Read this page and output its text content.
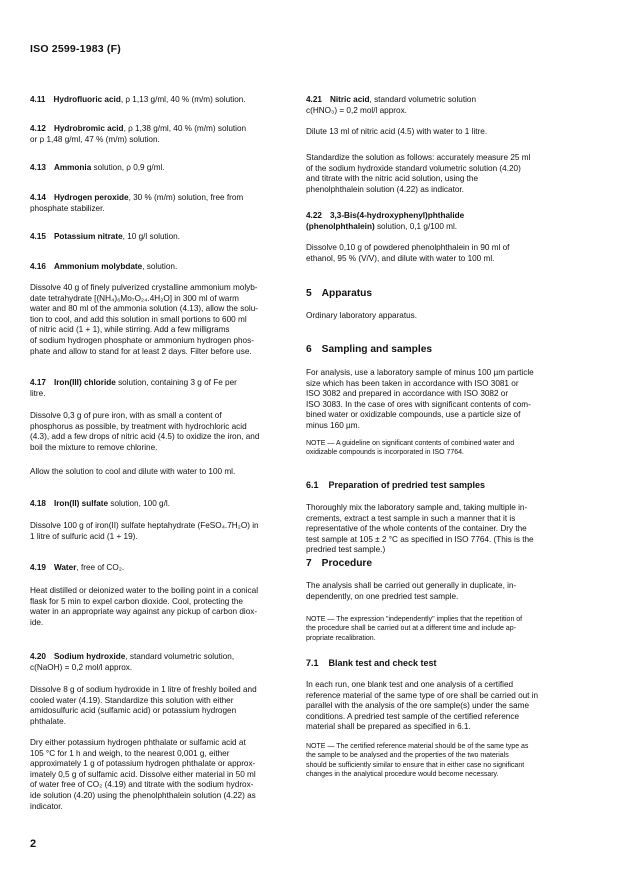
ISO 2599-1983 (F)

4.11 Hydrofluoric acid, ρ 1,13 g/ml, 40 % (m/m) solution.

4.12 Hydrobromic acid, ρ 1,38 g/ml, 40 % (m/m) solution

or ρ 1,48 g/ml, 47 % (m/m) solution.

4.13 Ammonia solution, ρ 0,9 g/ml.

4.14 Hydrogen peroxide, 30 % (m/m) solution, free from

phosphate stabilizer.

4.15 Potassium nitrate, 10 g/l solution.

4.16 Ammonium molybdate, solution.

Dissolve 40 g of finely pulverized crystalline ammonium molyb-

date tetrahydrate [(NH₄)₆Mo₇O₂₄.4H₂O] in 300 ml of warm

water and 80 ml of the ammonia solution (4.13), allow the solu-

tion to cool, and add this solution in small portions to 600 ml

of nitric acid (1 + 1), while stirring. Add a few milligrams

of sodium hydrogen phosphate or ammonium hydrogen phos-

phate and allow to stand for at least 2 days. Filter before use.

4.17 Iron(III) chloride solution, containing 3 g of Fe per

litre.

Dissolve 0,3 g of pure iron, with as small a content of

phosphorus as possible, by treatment with hydrochloric acid

(4.3), add a few drops of nitric acid (4.5) to oxidize the iron, and

boil the mixture to remove chlorine.

Allow the solution to cool and dilute with water to 100 ml.

4.18 Iron(II) sulfate solution, 100 g/l.

Dissolve 100 g of iron(II) sulfate heptahydrate (FeSO₄.7H₂O) in

1 litre of sulfuric acid (1 + 19).

4.19 Water, free of CO₂.

Heat distilled or deionized water to the boiling point in a conical

flask for 5 min to expel carbon dioxide. Cool, protecting the

water in an appropriate way against any pickup of carbon diox-

ide.

4.20 Sodium hydroxide, standard volumetric solution,

c(NaOH) = 0,2 mol/l approx.

Dissolve 8 g of sodium hydroxide in 1 litre of freshly boiled and

cooled water (4.19). Standardize this solution with either

amidosulfuric acid (sulfamic acid) or potassium hydrogen

phthalate.

Dry either potassium hydrogen phthalate or sulfamic acid at

105 °C for 1 h and weigh, to the nearest 0,001 g, either

approximately 1 g of potassium hydrogen phthalate or approx-

imately 0,5 g of sulfamic acid. Dissolve either material in 50 ml

of water free of CO₂ (4.19) and titrate with the sodium hydrox-

ide solution (4.20) using the phenolphthalein solution (4.22) as

indicator.

4.21 Nitric acid, standard volumetric solution

c(HNO₃) = 0,2 mol/l approx.

Dilute 13 ml of nitric acid (4.5) with water to 1 litre.

Standardize the solution as follows: accurately measure 25 ml

of the sodium hydroxide standard volumetric solution (4.20)

and titrate with the nitric acid solution, using the

phenolphthalein solution (4.22) as indicator.

4.22 3,3-Bis(4-hydroxyphenyl)phthalide

(phenolphthalein) solution, 0,1 g/100 ml.

Dissolve 0,10 g of powdered phenolphthalein in 90 ml of

ethanol, 95 % (V/V), and dilute with water to 100 ml.

5 Apparatus

Ordinary laboratory apparatus.

6 Sampling and samples

For analysis, use a laboratory sample of minus 100 µm particle

size which has been taken in accordance with ISO 3081 or

ISO 3082 and prepared in accordance with ISO 3082 or

ISO 3083. In the case of ores with significant contents of com-

bined water or oxidizable compounds, use a particle size of

minus 160 µm.

NOTE — A guideline on significant contents of combined water and

oxidizable compounds is incorporated in ISO 7764.

6.1 Preparation of predried test samples

Thoroughly mix the laboratory sample and, taking multiple in-

crements, extract a test sample in such a manner that it is

representative of the whole contents of the container. Dry the

test sample at 105 ± 2 °C as specified in ISO 7764. (This is the

predried test sample.)

7 Procedure

The analysis shall be carried out generally in duplicate, in-

dependently, on one predried test sample.

NOTE — The expression "independently" implies that the repetition of

the procedure shall be carried out at a different time and include ap-

propriate recalibration.

7.1 Blank test and check test

In each run, one blank test and one analysis of a certified

reference material of the same type of ore shall be carried out in

parallel with the analysis of the ore sample(s) under the same

conditions. A predried test sample of the certified reference

material shall be prepared as specified in 6.1.

NOTE — The certified reference material should be of the same type as

the sample to be analysed and the properties of the two materials

should be sufficiently similar to ensure that in either case no significant

changes in the analytical procedure would become necessary.

2
